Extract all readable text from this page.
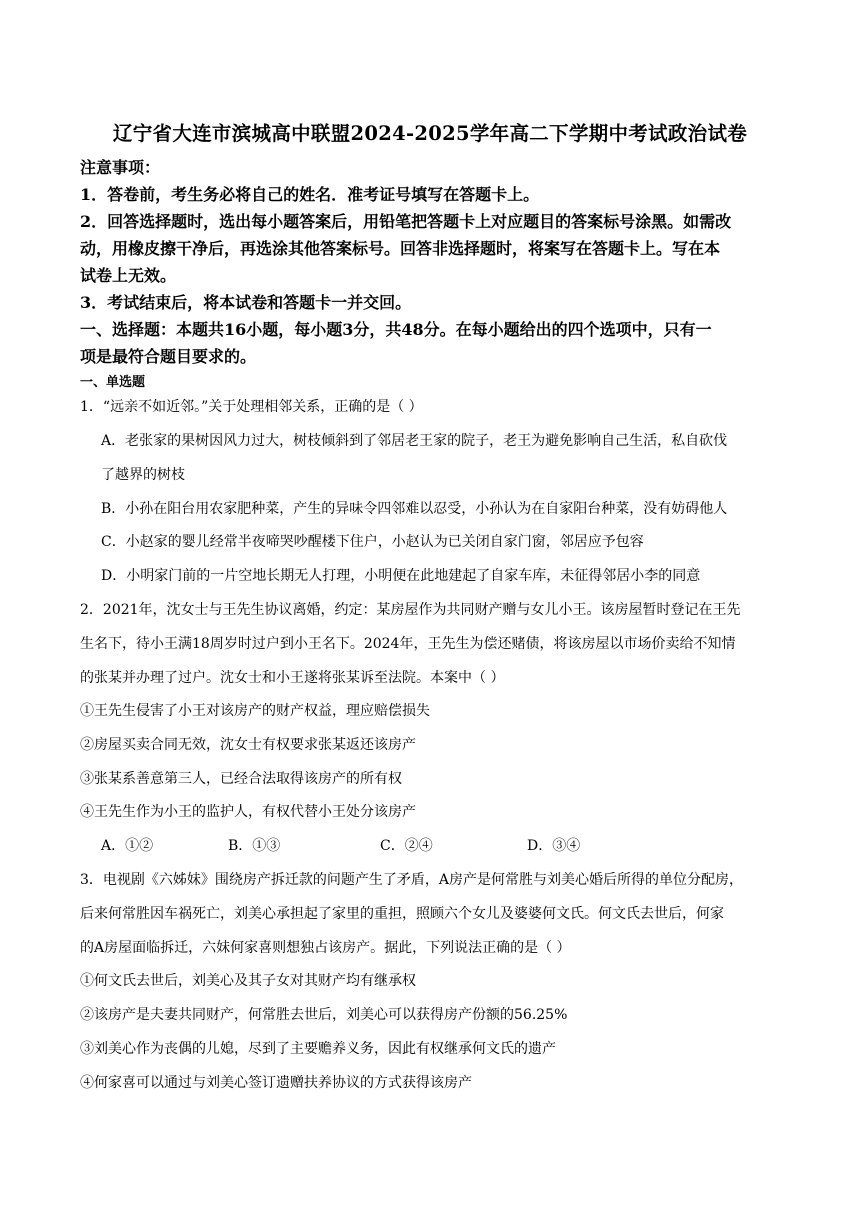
辽宁省大连市滨城高中联盟2024-2025学年高二下学期中考试政治试卷
注意事项：
1．答卷前，考生务必将自己的姓名．准考证号填写在答题卡上。
2．回答选择题时，选出每小题答案后，用铅笔把答题卡上对应题目的答案标号涂黑。如需改
动，用橡皮擦干净后，再选涂其他答案标号。回答非选择题时，将案写在答题卡上。写在本
试卷上无效。
3．考试结束后，将本试卷和答题卡一并交回。
一、选择题：本题共16小题，每小题3分，共48分。在每小题给出的四个选项中，只有一
项是最符合题目要求的。
一、单选题
1．“远亲不如近邻。”关于处理相邻关系，正确的是（ ）
A．老张家的果树因风力过大，树枝倾斜到了邻居老王家的院子，老王为避免影响自己生活，私自砍伐
了越界的树枝
B．小孙在阳台用农家肥种菜，产生的异味令四邻难以忍受，小孙认为在自家阳台种菜，没有妨碍他人
C．小赵家的婴儿经常半夜啼哭吵醒楼下住户，小赵认为已关闭自家门窗，邻居应予包容
D．小明家门前的一片空地长期无人打理，小明便在此地建起了自家车库，未征得邻居小李的同意
2．2021年，沈女士与王先生协议离婚，约定：某房屋作为共同财产赠与女儿小王。该房屋暂时登记在王先
生名下，待小王满18周岁时过户到小王名下。2024年，王先生为偿还赌债，将该房屋以市场价卖给不知情
的张某并办理了过户。沈女士和小王遂将张某诉至法院。本案中（ ）
①王先生侵害了小王对该房产的财产权益，理应赔偿损失
②房屋买卖合同无效，沈女士有权要求张某返还该房产
③张某系善意第三人，已经合法取得该房产的所有权
④王先生作为小王的监护人，有权代替小王处分该房产
A．①②	B．①③	C．②④	D．③④
3．电视剧《六姊妹》围绕房产拆迁款的问题产生了矛盾，A房产是何常胜与刘美心婚后所得的单位分配房，
后来何常胜因车祸死亡，刘美心承担起了家里的重担，照顾六个女儿及婆婆何文氏。何文氏去世后，何家
的A房屋面临拆迁，六妹何家喜则想独占该房产。据此，下列说法正确的是（ ）
①何文氏去世后，刘美心及其子女对其财产均有继承权
②该房产是夫妻共同财产，何常胜去世后，刘美心可以获得房产份额的56.25%
③刘美心作为丧偶的儿媳，尽到了主要赡养义务，因此有权继承何文氏的遗产
④何家喜可以通过与刘美心签订遗赠扶养协议的方式获得该房产
